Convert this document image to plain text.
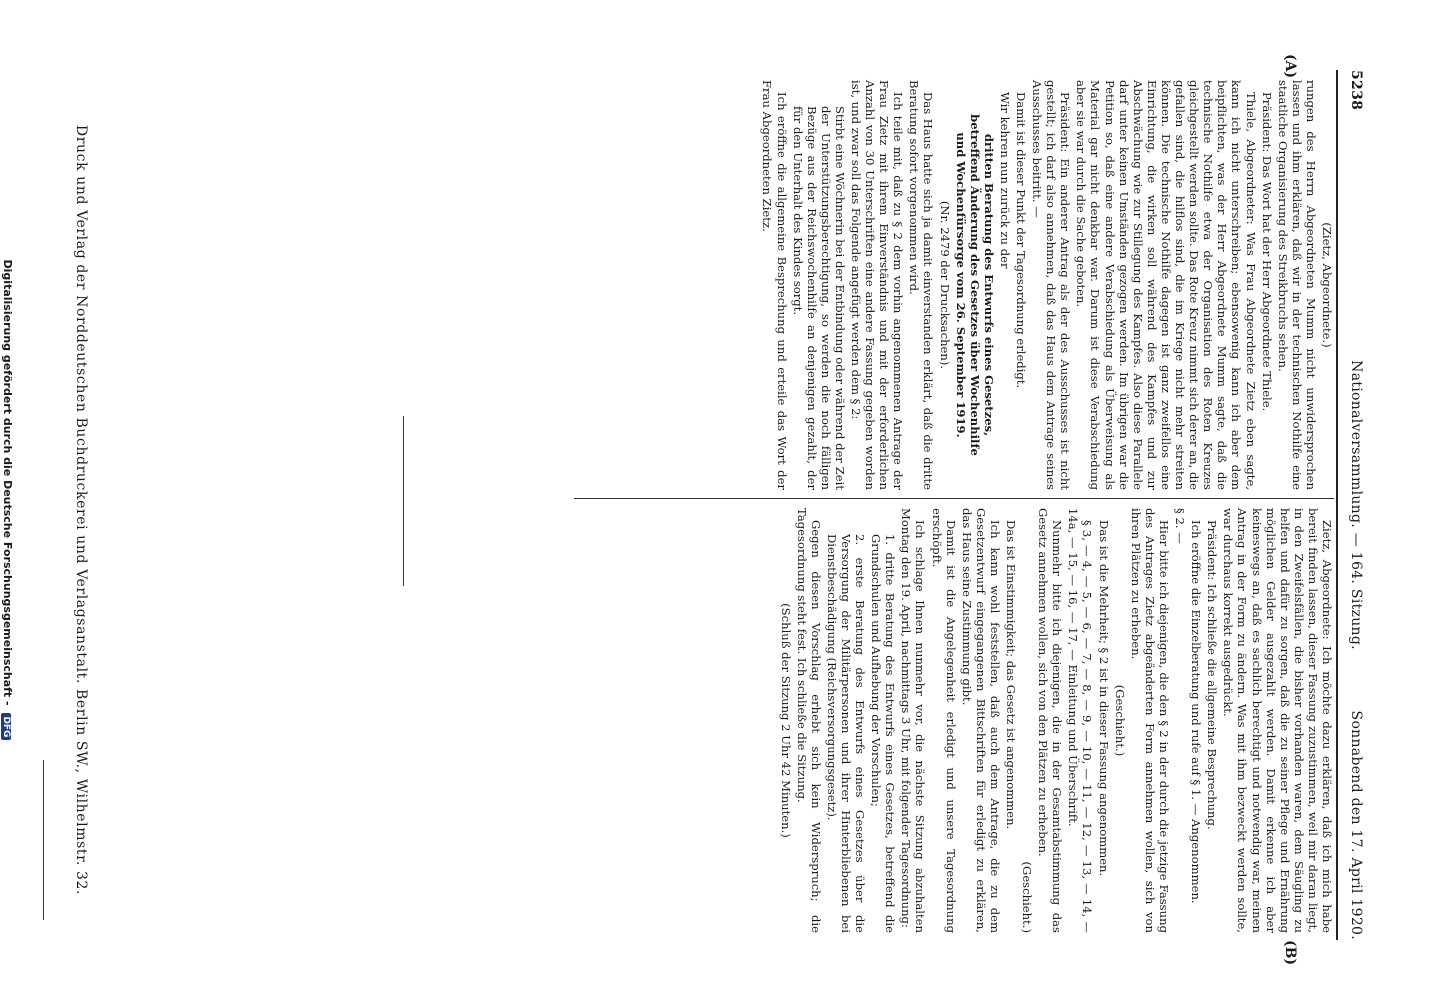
5238
Nationalversammlung. — 164. Sitzung.
Sonnabend den 17. April 1920.
(A)
(B)

(Zietz, Abgeordnete.)

rungen des Herrn Abgeordneten Mumm nicht unwidersprochen lassen und ihm erklären, daß wir in der technischen Nothilfe eine staatliche Organisierung des Streikbruchs sehen.

Präsident: Das Wort hat der Herr Abgeordnete Thiele.

Thiele, Abgeordneter: Was Frau Abgeordnete Zietz eben sagte, kann ich nicht unterschreiben; ebensowenig kann ich aber dem beipflichten, was der Herr Abgeordnete Mumm sagte, daß die technische Nothilfe etwa der Organisation des Roten Kreuzes gleichgestellt werden sollte. Das Rote Kreuz nimmt sich derer an, die gefallen sind, die hilflos sind, die im Kriege nicht mehr streiten können. Die technische Nothilfe dagegen ist ganz zweifellos eine Einrichtung, die wirken soll während des Kampfes und zur Abschwächung wie zur Stillegung des Kampfes. Also diese Parallele darf unter keinen Umständen gezogen werden. Im übrigen war die Petition so, daß eine andere Verabschiedung als Überweisung als Material gar nicht denkbar war. Darum ist diese Verabschiedung aber sie war durch die Sache geboten.

Präsident: Ein anderer Antrag als der des Ausschusses ist nicht gestellt; ich darf also annehmen, daß das Haus dem Antrage seines Ausschusses beitritt. —

Damit ist dieser Punkt der Tagesordnung erledigt.

Wir kehren nun zurück zu der

dritten Beratung des Entwurfs eines Gesetzes, betreffend Änderung des Gesetzes über Wochenhilfe und Wochenfürsorge vom 26. September 1919.

(Nr. 2479 der Drucksachen).

Das Haus hatte sich ja damit einverstanden erklärt, daß die dritte Beratung sofort vorgenommen wird.

Ich teile mit, daß zu § 2 dem vorhin angenommenen Antrage der Frau Zietz mit ihrem Einverständnis und mit der erforderlichen Anzahl von 30 Unterschriften eine andere Fassung gegeben worden ist, und zwar soll das Folgende angefügt werden dem § 2:

Stirbt eine Wöchnerin bei der Entbindung oder während der Zeit der Unterstützungsberechtigung, so werden die noch fälligen Bezüge aus der Reichswochenhilfe an denjenigen gezahlt, der für den Unterhalt des Kindes sorgt.

Ich eröffne die allgemeine Besprechung und erteile das Wort der Frau Abgeordneten Zietz.

Zietz, Abgeordnete: Ich möchte dazu erklären, daß ich mich habe bereit finden lassen, dieser Fassung zuzustimmen, weil mir daran liegt, in den Zweifelsfällen, die bisher vorhanden waren, dem Säugling zu helfen und dafür zu sorgen, daß die zu seiner Pflege und Ernährung möglichen Gelder ausgezahlt werden. Damit erkenne ich aber keineswegs an, daß es sachlich berechtigt und notwendig war, meinen Antrag in der Form zu ändern. Was mit ihm bezweckt werden sollte, war durchaus korrekt ausgedrückt.

Präsident: Ich schließe die allgemeine Besprechung.

Ich eröffne die Einzelberatung und rufe auf § 1. — Angenommen.

§ 2. —

Hier bitte ich diejenigen, die den § 2 in der durch die jetzige Fassung des Antrages Zietz abgeänderten Form annehmen wollen, sich von ihren Plätzen zu erheben.

(Geschieht.)

Das ist die Mehrheit; § 2 ist in dieser Fassung angenommen.

§ 3, — 4, — 5, — 6, — 7, — 8, — 9, — 10, — 11, — 12, — 13, — 14, — 14a, — 15, — 16, — 17, — Einleitung und Überschrift.

Nunmehr bitte ich diejenigen, die in der Gesamtabstimmung das Gesetz annehmen wollen, sich von den Plätzen zu erheben.

(Geschieht.)

Das ist Einstimmigkeit; das Gesetz ist angenommen.

Ich kann wohl feststellen, daß auch dem Antrage, die zu dem Gesetzentwurf eingegangenen Bittschriften für erledigt zu erklären, das Haus seine Zustimmung gibt.

Damit ist die Angelegenheit erledigt und unsere Tagesordnung erschöpft.

Ich schlage Ihnen nunmehr vor, die nächste Sitzung abzuhalten Montag den 19. April, nachmittags 3 Uhr, mit folgender Tagesordnung:

1. dritte Beratung des Entwurfs eines Gesetzes, betreffend die Grundschulen und Aufhebung der Vorschulen;

2. erste Beratung des Entwurfs eines Gesetzes über die Versorgung der Militärpersonen und ihrer Hinterbliebenen bei Dienstbeschädigung (Reichsversorgungsgesetz).

Gegen diesen Vorschlag erhebt sich kein Widerspruch; die Tagesordnung steht fest. Ich schließe die Sitzung.

(Schluß der Sitzung 2 Uhr 42 Minuten.)

Druck und Verlag der Norddeutschen Buchdruckerei und Verlagsanstalt. Berlin SW., Wilhelmstr. 32.
Digitalisierung gefördert durch die Deutsche Forschungsgemeinschaft - DFG
